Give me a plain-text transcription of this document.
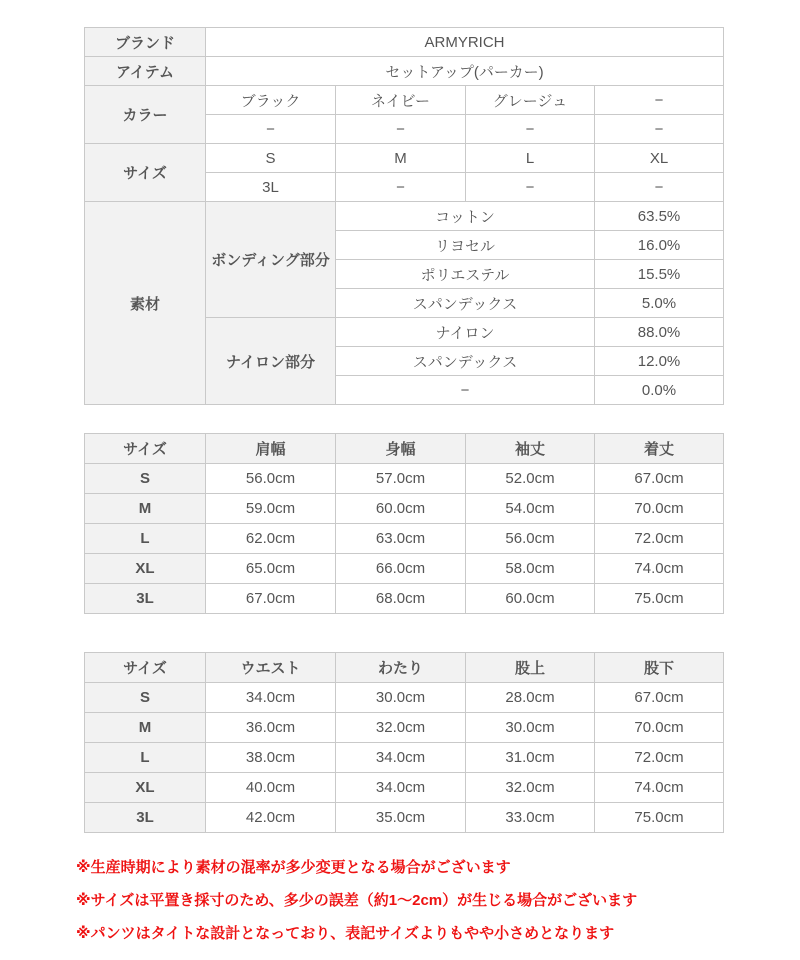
ブランド	ARMYRICH			
アイテム	セットアップ(パーカー)			
カラー	ブラック	ネイビー	グレージュ	−
	−	−	−	−
サイズ	S	M	L	XL
	3L	−	−	−
素材	ボンディング部分	コットン		63.5%
		リヨセル		16.0%
		ポリエステル		15.5%
		スパンデックス		5.0%
	ナイロン部分	ナイロン		88.0%
		スパンデックス		12.0%
		−		0.0%
サイズ	肩幅	身幅	袖丈	着丈
S	56.0cm	57.0cm	52.0cm	67.0cm
M	59.0cm	60.0cm	54.0cm	70.0cm
L	62.0cm	63.0cm	56.0cm	72.0cm
XL	65.0cm	66.0cm	58.0cm	74.0cm
3L	67.0cm	68.0cm	60.0cm	75.0cm
サイズ	ウエスト	わたり	股上	股下
S	34.0cm	30.0cm	28.0cm	67.0cm
M	36.0cm	32.0cm	30.0cm	70.0cm
L	38.0cm	34.0cm	31.0cm	72.0cm
XL	40.0cm	34.0cm	32.0cm	74.0cm
3L	42.0cm	35.0cm	33.0cm	75.0cm

※生産時期により素材の混率が多少変更となる場合がございます

※サイズは平置き採寸のため、多少の誤差（約1～2cm）が生じる場合がございます

※パンツはタイトな設計となっており、表記サイズよりもやや小さめとなります
